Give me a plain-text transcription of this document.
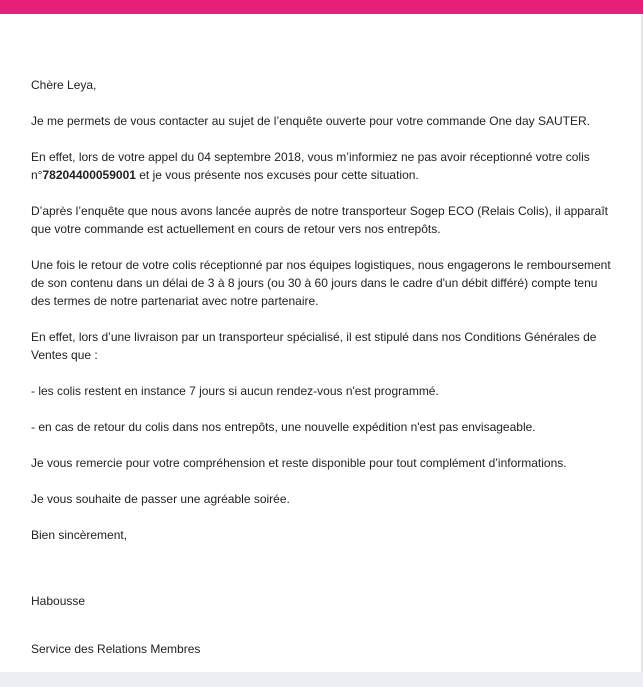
Chère Leya,

Je me permets de vous contacter au sujet de l’enquête ouverte pour votre commande One day SAUTER.

En effet, lors de votre appel du 04 septembre 2018, vous m’informiez ne pas avoir réceptionné votre colis

n°78204400059001 et je vous présente nos excuses pour cette situation.

D’après l’enquête que nous avons lancée auprès de notre transporteur Sogep ECO (Relais Colis), il apparaît

que votre commande est actuellement en cours de retour vers nos entrepôts.

Une fois le retour de votre colis réceptionné par nos équipes logistiques, nous engagerons le remboursement

de son contenu dans un délai de 3 à 8 jours (ou 30 à 60 jours dans le cadre d'un débit différé) compte tenu

des termes de notre partenariat avec notre partenaire.

En effet, lors d’une livraison par un transporteur spécialisé, il est stipulé dans nos Conditions Générales de

Ventes que :

- les colis restent en instance 7 jours si aucun rendez-vous n'est programmé.

- en cas de retour du colis dans nos entrepôts, une nouvelle expédition n'est pas envisageable.

Je vous remercie pour votre compréhension et reste disponible pour tout complément d’informations.

Je vous souhaite de passer une agréable soirée.

Bien sincèrement,

Habousse

Service des Relations Membres
